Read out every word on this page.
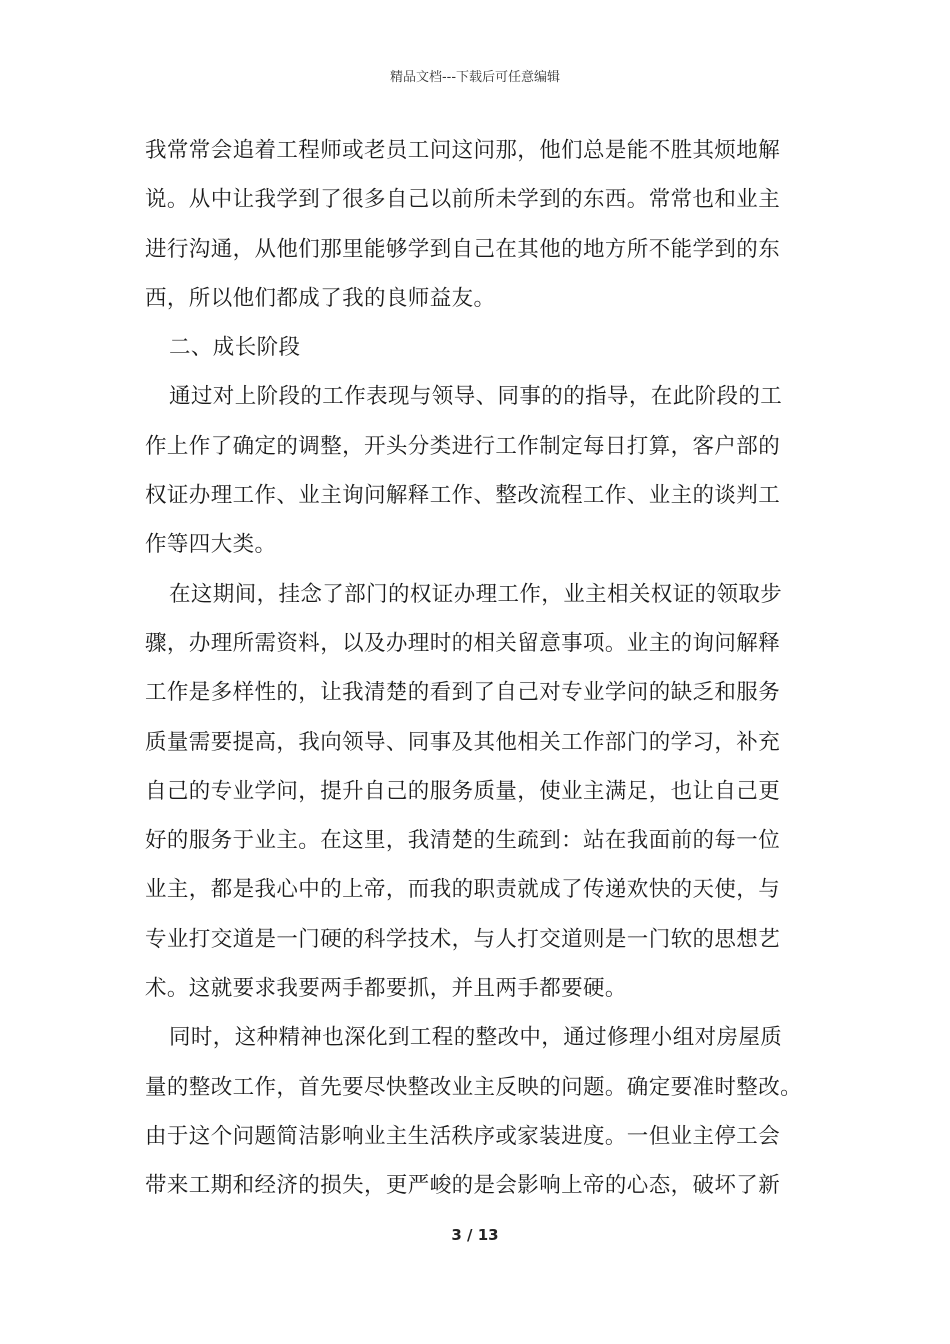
精品文档---下载后可任意编辑
我常常会追着工程师或老员工问这问那，他们总是能不胜其烦地解
说。从中让我学到了很多自己以前所未学到的东西。常常也和业主
进行沟通，从他们那里能够学到自己在其他的地方所不能学到的东
西，所以他们都成了我的良师益友。
二、成长阶段
通过对上阶段的工作表现与领导、同事的的指导，在此阶段的工
作上作了确定的调整，开头分类进行工作制定每日打算，客户部的
权证办理工作、业主询问解释工作、整改流程工作、业主的谈判工
作等四大类。
在这期间，挂念了部门的权证办理工作，业主相关权证的领取步
骤，办理所需资料，以及办理时的相关留意事项。业主的询问解释
工作是多样性的，让我清楚的看到了自己对专业学问的缺乏和服务
质量需要提高，我向领导、同事及其他相关工作部门的学习，补充
自己的专业学问，提升自己的服务质量，使业主满足，也让自己更
好的服务于业主。在这里，我清楚的生疏到：站在我面前的每一位
业主，都是我心中的上帝，而我的职责就成了传递欢快的天使，与
专业打交道是一门硬的科学技术，与人打交道则是一门软的思想艺
术。这就要求我要两手都要抓，并且两手都要硬。
同时，这种精神也深化到工程的整改中，通过修理小组对房屋质
量的整改工作，首先要尽快整改业主反映的问题。确定要准时整改。
由于这个问题简洁影响业主生活秩序或家装进度。一但业主停工会
带来工期和经济的损失，更严峻的是会影响上帝的心态，破坏了新
3 / 13
